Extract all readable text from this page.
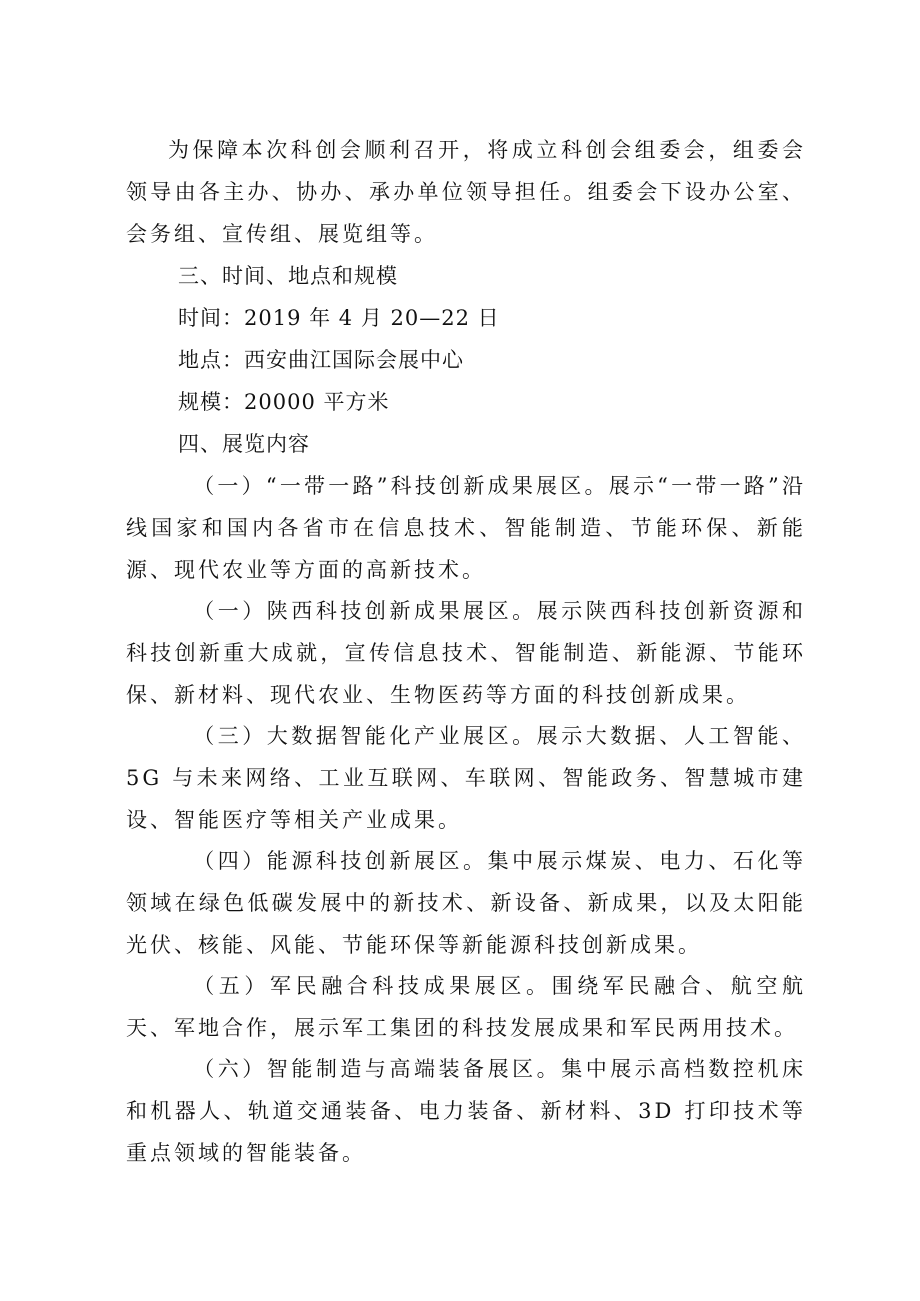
为保障本次科创会顺利召开，将成立科创会组委会，组委会领导由各主办、协办、承办单位领导担任。组委会下设办公室、会务组、宣传组、展览组等。

三、时间、地点和规模

时间：2019 年 4 月 20—22 日

地点：西安曲江国际会展中心

规模：20000 平方米

四、展览内容

（一）“一带一路”科技创新成果展区。展示“一带一路”沿线国家和国内各省市在信息技术、智能制造、节能环保、新能源、现代农业等方面的高新技术。

（一）陕西科技创新成果展区。展示陕西科技创新资源和科技创新重大成就，宣传信息技术、智能制造、新能源、节能环保、新材料、现代农业、生物医药等方面的科技创新成果。

（三）大数据智能化产业展区。展示大数据、人工智能、5G 与未来网络、工业互联网、车联网、智能政务、智慧城市建设、智能医疗等相关产业成果。

（四）能源科技创新展区。集中展示煤炭、电力、石化等领域在绿色低碳发展中的新技术、新设备、新成果，以及太阳能光伏、核能、风能、节能环保等新能源科技创新成果。

（五）军民融合科技成果展区。围绕军民融合、航空航天、军地合作，展示军工集团的科技发展成果和军民两用技术。

（六）智能制造与高端装备展区。集中展示高档数控机床和机器人、轨道交通装备、电力装备、新材料、3D 打印技术等重点领域的智能装备。
